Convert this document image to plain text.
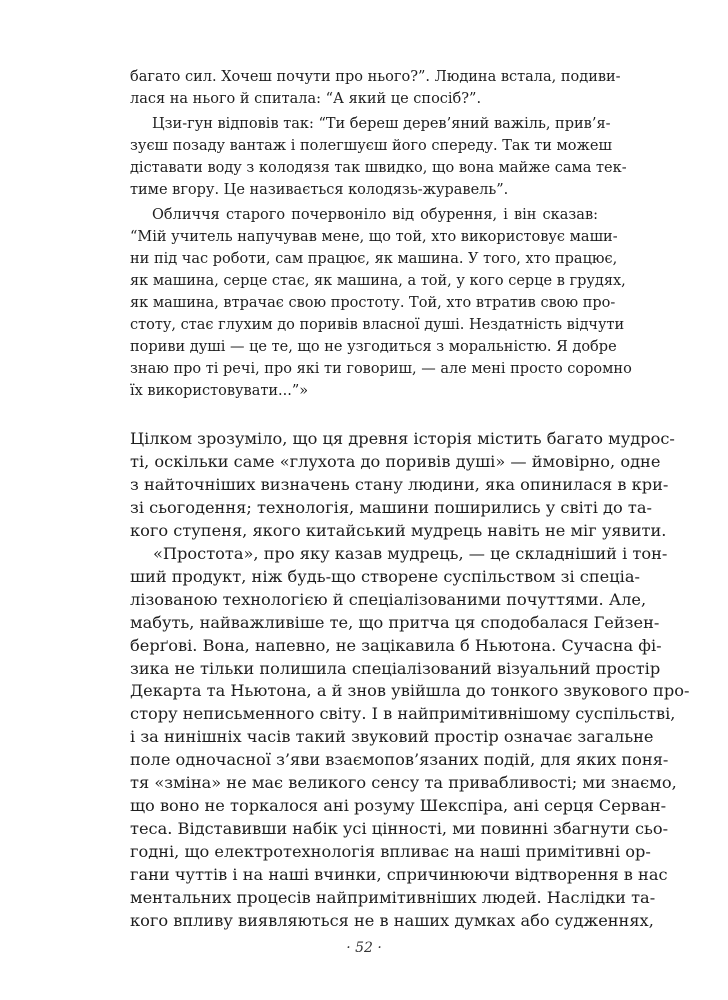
багато сил. Хочеш почути про нього?”. Людина встала, подиви-
лася на нього й спитала: “А який це спосіб?”.
Цзи-гун відповів так: “Ти береш дерев’яний важіль, прив’я-
зуєш позаду вантаж і полегшуєш його спереду. Так ти можеш
діставати воду з колодязя так швидко, що вона майже сама тек-
тиме вгору. Це називається колодязь-журавель”.
Обличчя старого почервоніло від обурення, і він сказав:
“Мій учитель напучував мене, що той, хто використовує маши-
ни під час роботи, сам працює, як машина. У того, хто працює,
як машина, серце стає, як машина, а той, у кого серце в грудях,
як машина, втрачає свою простоту. Той, хто втратив свою про-
стоту, стає глухим до поривів власної душі. Нездатність відчути
пориви душі — це те, що не узгодиться з моральністю. Я добре
знаю про ті речі, про які ти говориш, — але мені просто соромно
їх використовувати...”»
Цілком зрозуміло, що ця древня історія містить багато мудрос-
ті, оскільки саме «глухота до поривів душі» — ймовірно, одне
з найточніших визначень стану людини, яка опинилася в кри-
зі сьогодення; технологія, машини поширились у світі до та-
кого ступеня, якого китайський мудрець навіть не міг уявити.
«Простота», про яку казав мудрець, — це складніший і тон-
ший продукт, ніж будь-що створене суспільством зі спеціа-
лізованою технологією й спеціалізованими почуттями. Але,
мабуть, найважливіше те, що притча ця сподобалася Гейзен-
берґові. Вона, напевно, не зацікавила б Ньютона. Сучасна фі-
зика не тільки полишила спеціалізований візуальний простір
Декарта та Ньютона, а й знов увійшла до тонкого звукового про-
стору неписьменного світу. І в найпримітивнішому суспільстві,
і за нинішніх часів такий звуковий простір означає загальне
поле одночасної з’яви взаємопов’язаних подій, для яких поня-
тя «зміна» не має великого сенсу та привабливості; ми знаємо,
що воно не торкалося ані розуму Шекспіра, ані серця Серван-
теса. Відставивши набік усі цінності, ми повинні збагнути сьо-
годні, що електротехнологія впливає на наші примітивні ор-
гани чуттів і на наші вчинки, спричинюючи відтворення в нас
ментальних процесів найпримітивніших людей. Наслідки та-
кого впливу виявляються не в наших думках або судженнях,
· 52 ·
